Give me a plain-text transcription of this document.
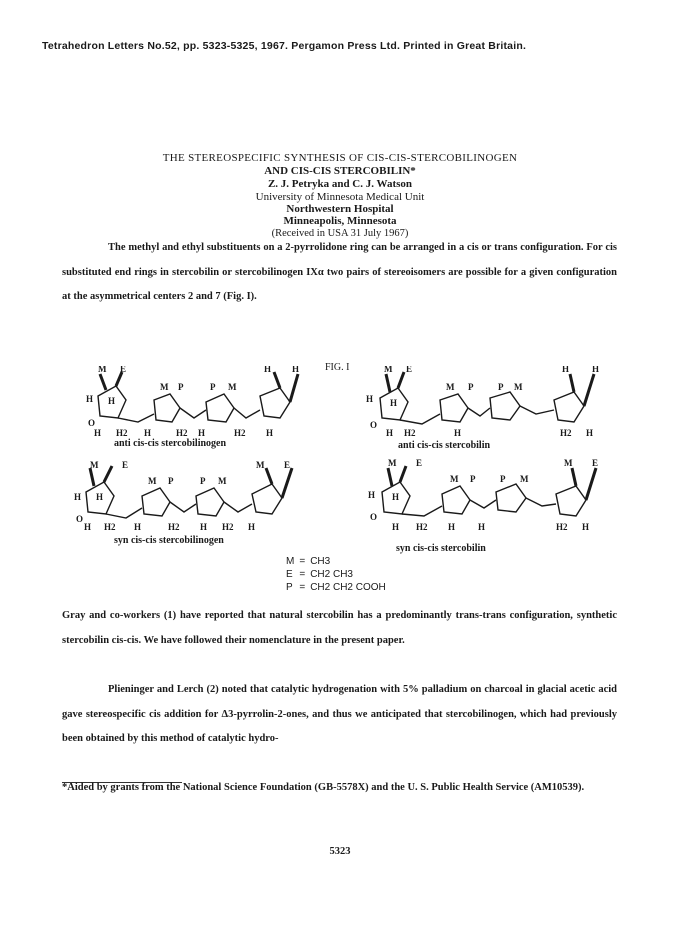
Tetrahedron Letters No.52, pp. 5323-5325, 1967. Pergamon Press Ltd. Printed in Great Britain.
THE STEREOSPECIFIC SYNTHESIS OF CIS-CIS-STERCOBILINOGEN
AND CIS-CIS STERCOBILIN*
Z. J. Petryka and C. J. Watson
University of Minnesota Medical Unit
Northwestern Hospital
Minneapolis, Minnesota
(Received in USA 31 July 1967)
The methyl and ethyl substituents on a 2-pyrrolidone ring can be arranged in a cis or trans configuration. For cis substituted end rings in stercobilin or stercobilinogen IXα two pairs of stereoisomers are possible for a given configuration at the asymmetrical centers 2 and 7 (Fig. I).
FIG. I
M E	H H
H H
O
M P	P M
H H2 H	H2 H	H2 H
anti cis-cis stercobilinogen
M E	H	H
H H
O
M P	P M
H H2	H	H2 H
anti cis-cis stercobilin
M	E	M E
H H
O
M P	P M
H H2 H	H2 H H2 H
syn cis-cis stercobilinogen
M E	M E
H H
O
M P	P M
H H2 H	H	H2 H
syn cis-cis stercobilin
M	=	CH3
E	=	CH2 CH3
P	=	CH2 CH2 COOH
Gray and co-workers (1) have reported that natural stercobilin has a predominantly trans-trans configuration, synthetic stercobilin cis-cis. We have followed their nomenclature in the present paper.
Plieninger and Lerch (2) noted that catalytic hydrogenation with 5% palladium on charcoal in glacial acetic acid gave stereospecific cis addition for Δ3-pyrrolin-2-ones, and thus we anticipated that stercobilinogen, which had previously been obtained by this method of catalytic hydro-
*Aided by grants from the National Science Foundation (GB-5578X) and the U. S. Public Health Service (AM10539).
5323
